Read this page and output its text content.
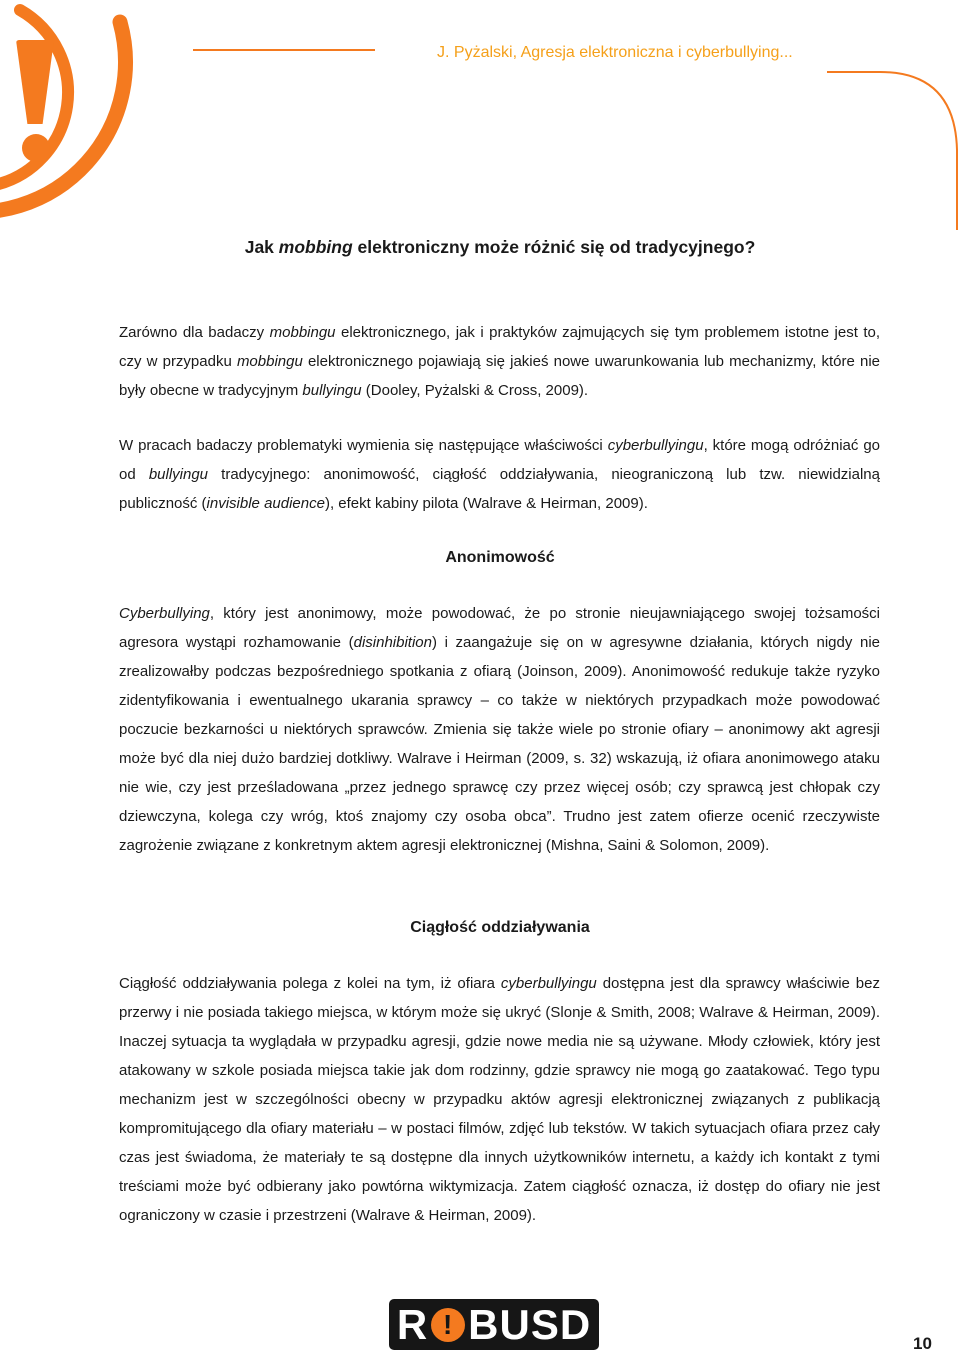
J. Pyżalski, Agresja elektroniczna i cyberbullying...
Jak mobbing elektroniczny może różnić się od tradycyjnego?

Zarówno dla badaczy mobbingu elektronicznego, jak i praktyków zajmujących się tym problemem istotne jest to, czy w przypadku mobbingu elektronicznego pojawiają się jakieś nowe uwarunkowania lub mechanizmy, które nie były obecne w tradycyjnym bullyingu (Dooley, Pyżalski & Cross, 2009).

W pracach badaczy problematyki wymienia się następujące właściwości cyberbullyingu, które mogą odróżniać go od bullyingu tradycyjnego: anonimowość, ciągłość oddziaływania, nieograniczoną lub tzw. niewidzialną publiczność (invisible audience), efekt kabiny pilota (Walrave & Heirman, 2009).

Anonimowość

Cyberbullying, który jest anonimowy, może powodować, że po stronie nieujawniającego swojej tożsamości agresora wystąpi rozhamowanie (disinhibition) i zaangażuje się on w agresywne działania, których nigdy nie zrealizowałby podczas bezpośredniego spotkania z ofiarą (Joinson, 2009). Anonimowość redukuje także ryzyko zidentyfikowania i ewentualnego ukarania sprawcy – co także w niektórych przypadkach może powodować poczucie bezkarności u niektórych sprawców. Zmienia się także wiele po stronie ofiary – anonimowy akt agresji może być dla niej dużo bardziej dotkliwy. Walrave i Heirman (2009, s. 32) wskazują, iż ofiara anonimowego ataku nie wie, czy jest prześladowana „przez jednego sprawcę czy przez więcej osób; czy sprawcą jest chłopak czy dziewczyna, kolega czy wróg, ktoś znajomy czy osoba obca”. Trudno jest zatem ofierze ocenić rzeczywiste zagrożenie związane z konkretnym aktem agresji elektronicznej (Mishna, Saini & Solomon, 2009).

Ciągłość oddziaływania

Ciągłość oddziaływania polega z kolei na tym, iż ofiara cyberbullyingu dostępna jest dla sprawcy właściwie bez przerwy i nie posiada takiego miejsca, w którym może się ukryć (Slonje & Smith, 2008; Walrave & Heirman, 2009). Inaczej sytuacja ta wyglądała w przypadku agresji, gdzie nowe media nie są używane. Młody człowiek, który jest atakowany w szkole posiada miejsca takie jak dom rodzinny, gdzie sprawcy nie mogą go zaatakować. Tego typu mechanizm jest w szczególności obecny w przypadku aktów agresji elektronicznej związanych z publikacją kompromitującego dla ofiary materiału – w postaci filmów, zdjęć lub tekstów. W takich sytuacjach ofiara przez cały czas jest świadoma, że materiały te są dostępne dla innych użytkowników internetu, a każdy ich kontakt z tymi treściami może być odbierany jako powtórna wiktymizacja. Zatem ciągłość oznacza, iż dostęp do ofiary nie jest ograniczony w czasie i przestrzeni (Walrave & Heirman, 2009).

R ! BUSD	10
